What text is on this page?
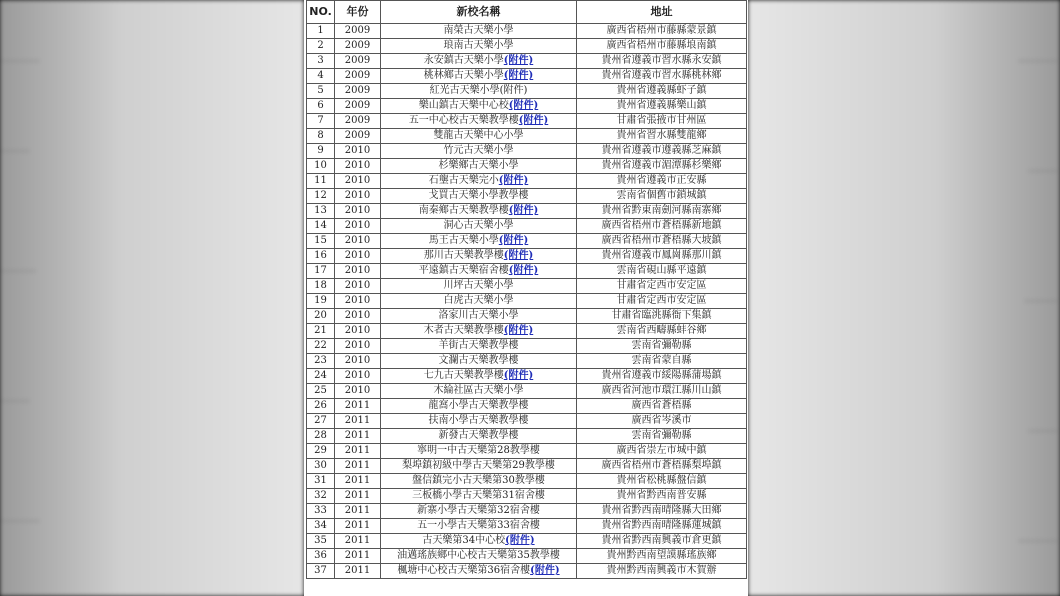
NO.	年份	新校名稱	地址
1	2009	南榮古天樂小學	廣西省梧州市藤縣蒙景鎮
2	2009	琅南古天樂小學	廣西省梧州市藤縣埌南鎮
3	2009	永安鎮古天樂小學(附件)	貴州省遵義市習水縣永安鎮
4	2009	桃林鄉古天樂小學(附件)	貴州省遵義市習水縣桃林鄉
5	2009	紅光古天樂小學(附件)	貴州省遵義縣虾子鎮
6	2009	樂山鎮古天樂中心校(附件)	貴州省遵義縣樂山鎮
7	2009	五一中心校古天樂教學樓(附件)	甘肅省張掖市甘州區
8	2009	雙龍古天樂中心小學	貴州省習水縣雙龍鄉
9	2010	竹元古天樂小學	貴州省遵義市遵義縣芝麻鎮
10	2010	杉樂鄉古天樂小學	貴州省遵義市湄潭縣杉樂鄉
11	2010	石壟古天樂完小(附件)	貴州省遵義市正安縣
12	2010	戈買古天樂小學教學樓	雲南省個舊市鎖城鎮
13	2010	南秦鄉古天樂教學樓(附件)	貴州省黔東南劍河縣南寨鄉
14	2010	洞心古天樂小學	廣西省梧州市蒼梧縣新地鎮
15	2010	馬王古天樂小學(附件)	廣西省梧州市蒼梧縣大坡鎮
16	2010	那川古天樂教學樓(附件)	貴州省遵義市鳳崗縣那川鎮
17	2010	平遠鎮古天樂宿舍樓(附件)	雲南省硯山縣平遠鎮
18	2010	川坪古天樂小學	甘肅省定西市安定區
19	2010	白虎古天樂小學	甘肅省定西市安定區
20	2010	洛家川古天樂小學	甘肅省臨洮縣衙下集鎮
21	2010	木者古天樂教學樓(附件)	雲南省西疇縣蚌谷鄉
22	2010	羊街古天樂教學樓	雲南省彌勒縣
23	2010	文瀾古天樂教學樓	雲南省蒙自縣
24	2010	七九古天樂教學樓(附件)	貴州省遵義市綏陽縣蒲場鎮
25	2010	木綸社區古天樂小學	廣西省河池市環江縣川山鎮
26	2011	龍窩小學古天樂教學樓	廣西省蒼梧縣
27	2011	扶南小學古天樂教學樓	廣西省岑溪市
28	2011	新發古天樂教學樓	雲南省彌勒縣
29	2011	寧明一中古天樂第28教學樓	廣西省崇左市城中鎮
30	2011	梨埠鎮初級中學古天樂第29教學樓	廣西省梧州市蒼梧縣梨埠鎮
31	2011	盤信鎮完小古天樂第30教學樓	貴州省松桃縣盤信鎮
32	2011	三板橋小學古天樂第31宿舍樓	貴州省黔西南普安縣
33	2011	新寨小學古天樂第32宿舍樓	貴州省黔西南晴隆縣大田鄉
34	2011	五一小學古天樂第33宿舍樓	貴州省黔西南晴隆縣蓮城鎮
35	2011	古天樂第34中心校(附件)	貴州省黔西南興義市倉更鎮
36	2011	油邁瑤族鄉中心校古天樂第35教學樓	貴州黔西南望謨縣瑤族鄉
37	2011	楓塘中心校古天樂第36宿舍樓(附件)	貴州黔西南興義市木賀辦
